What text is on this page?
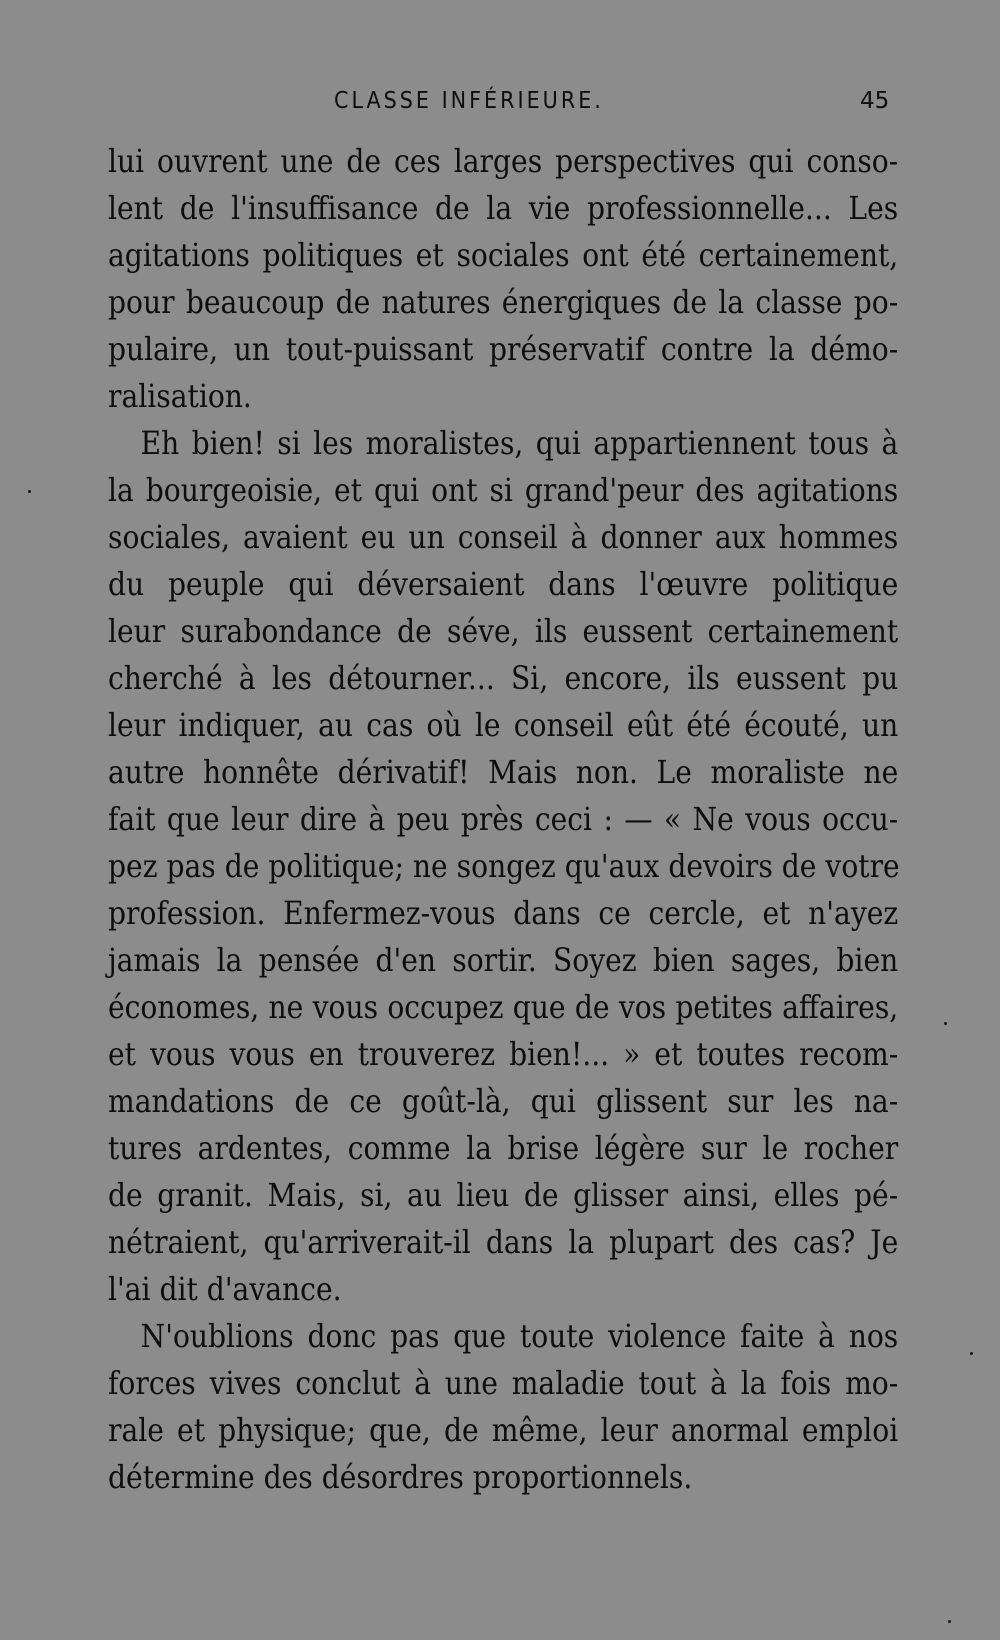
CLASSE INFÉRIEURE.	45
lui ouvrent une de ces larges perspectives qui conso-
lent de l'insuffisance de la vie professionnelle... Les
agitations politiques et sociales ont été certainement,
pour beaucoup de natures énergiques de la classe po-
pulaire, un tout-puissant préservatif contre la démo-
ralisation.
Eh bien! si les moralistes, qui appartiennent tous à
la bourgeoisie, et qui ont si grand'peur des agitations
sociales, avaient eu un conseil à donner aux hommes
du peuple qui déversaient dans l'œuvre politique
leur surabondance de séve, ils eussent certainement
cherché à les détourner... Si, encore, ils eussent pu
leur indiquer, au cas où le conseil eût été écouté, un
autre honnête dérivatif! Mais non. Le moraliste ne
fait que leur dire à peu près ceci : — « Ne vous occu-
pez pas de politique; ne songez qu'aux devoirs de votre
profession. Enfermez-vous dans ce cercle, et n'ayez
jamais la pensée d'en sortir. Soyez bien sages, bien
économes, ne vous occupez que de vos petites affaires,
et vous vous en trouverez bien!... » et toutes recom-
mandations de ce goût-là, qui glissent sur les na-
tures ardentes, comme la brise légère sur le rocher
de granit. Mais, si, au lieu de glisser ainsi, elles pé-
nétraient, qu'arriverait-il dans la plupart des cas? Je
l'ai dit d'avance.
N'oublions donc pas que toute violence faite à nos
forces vives conclut à une maladie tout à la fois mo-
rale et physique; que, de même, leur anormal emploi
détermine des désordres proportionnels.
